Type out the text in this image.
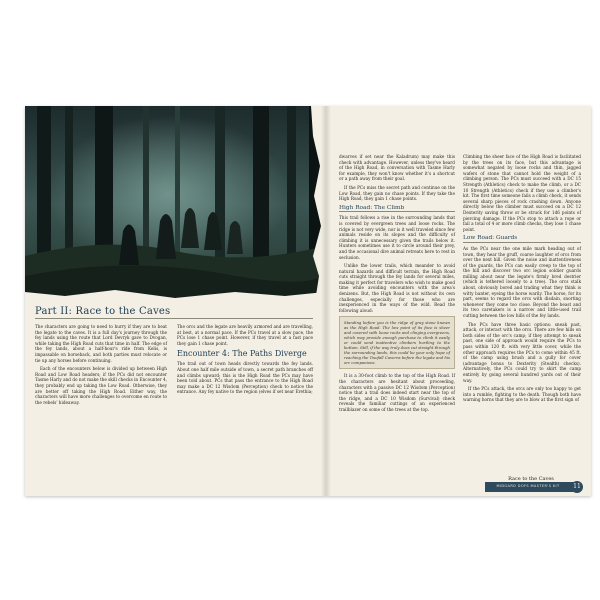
Part II: Race to the Caves

The characters are going to need to hurry if they are to beat the legate to the caves. It is a full day's journey through the fey lands using the route that Lord Devryk gave to Dvogan, while taking the High Road cuts that time in half. The edge of the fey lands, about a half-hour's ride from Kelis, is impassable on horseback, and both parties must relocate or tie up any horses before continuing.

Each of the encounters below is divided up between High Road and Low Road headers; if the PCs did not encounter Tasme Harly and do not make the skill checks in Encounter 4, they probably end up taking the Low Road. Otherwise, they are better off taking the High Road. Either way, the characters will have more challenges to overcome en route to the rebels' hideaway.

The orcs and the legate are heavily armored and are travelling, at best, at a normal pace. If the PCs travel at a slow pace, the PCs lose 1 chase point. However, if they travel at a fast pace they gain 1 chase point.

Encounter 4: The Paths Diverge

The trail out of town heads directly towards the fey lands. About one half mile outside of town, a secret path branches off and climbs upward; this is the High Road the PCs may have been told about. PCs that pass the entrance to the High Road may make a DC 12 Wisdom (Perception) check to notice the entrance. Any fey native to the region (elves if set near Erethia;

dwarves if set near the Kaladrum) may make this check with advantage. However, unless they've heard of the High Road, in conversation with Tasme Harly for example, they won't know whether it's a shortcut or a path away from their goal.

If the PCs miss the secret path and continue on the Low Road, they gain no chase points. If they take the High Road, they gain 1 chase points.

High Road: The Climb

This trail follows a rise in the surrounding lands that is covered by evergreen trees and loose rocks. The ridge is not very wide, nor is it well traveled since few animals reside on its slopes and the difficulty of climbing it is unnecessary given the trails below it. Hunters sometimes use it to circle around their prey, and the occasional dire animal retreats here to rest in seclusion.

Unlike the lower trails, which meander to avoid natural hazards and difficult terrain, the High Road cuts straight through the fey lands for several miles, making it perfect for travelers who wish to make good time while avoiding encounters with the area's denizens. But, the High Road is not without its own challenges, especially for those who are inexperienced in the ways of the wild. Read the following aloud:

Standing before you is the ridge of gray stone known as the High Road. The low point of its face is sheer and covered with loose rocks and clinging evergreens, which may provide enough purchase to climb it easily or could send inattentive climbers hurtling to the bottom. Still, if the way truly does cut straight through the surrounding lands, this could be your only hope of reaching the Twofall Caverns before the legate and his orc companions.

It is a 30-foot climb to the top of the High Road. If the characters are hesitant about proceeding, characters with a passive DC 12 Wisdom (Perception) notice that a trail does indeed start near the top of the ridge, and a DC 10 Wisdom (Survival) check reveals the familiar cuttings of an experienced trailblazer on some of the trees at the top.

Climbing the sheer face of the High Road is facilitated by the trees on its face, but this advantage is somewhat negated by loose rocks and thin, jagged wafers of stone that cannot hold the weight of a climbing person. The PCs must succeed with a DC 15 Strength (Athletics) check to make the climb, or a DC 10 Strength (Athletics) check if they use a climber's kit. The first time someone fails a climb check, it sends several sharp pieces of rock crashing down. Anyone directly below the climber must succeed on a DC 12 Dexterity saving throw or be struck for 1d6 points of piercing damage. If the PCs stop to attach a rope or fail a total of 4 or more climb checks, they lose 1 chase point.

Low Road: Guards

As the PCs near the one mile mark heading out of town, they hear the gruff, coarse laughter of orcs from over the next hill. Given the noise and inattentiveness of the guards, the PCs can easily creep to the top of the hill and discover two orc legion soldier guards milling about near the legate's firmly bred destrier (which is tethered loosely to a tree). The orcs stalk about, obviously bored and trading what they think is witty banter, eyeing the horse warily. The horse, for its part, seems to regard the orcs with disdain, snorting whenever they come too close. Beyond the beast and its two caretakers is a narrow and little-used trail cutting between the low hills of the fey lands.

The PCs have three basic options: sneak past, attack, or interact with the orcs. There are few hills on both sides of the orc's camp; if they attempt to sneak past, one side of approach would require the PCs to pass within 120 ft. with very little cover, while the other approach requires the PCs to come within 45 ft. of the camp using brush and a gully for cover (advantage bonus to Dexterity (Stealth) checks). Alternatively, the PCs could try to skirt the camp entirely by going several hundred yards out of their way.

If the PCs attack, the orcs are only too happy to get into a rumble, fighting to the death. Though both have warning horns that they are to blow at the first sign of

Race to the Caves
MIDGARD DOFS MASTER'S KIT	11
